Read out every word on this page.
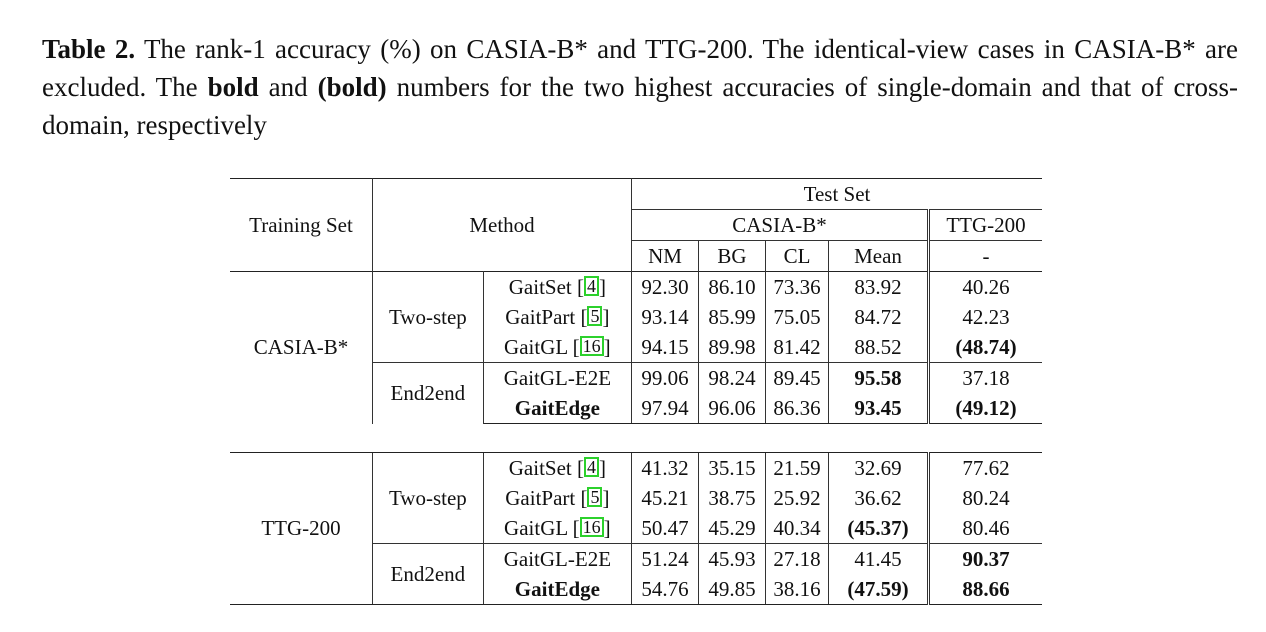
Table 2. The rank-1 accuracy (%) on CASIA-B* and TTG-200. The identical-view cases in CASIA-B* are excluded. The bold and (bold) numbers for the two highest accuracies of single-domain and that of cross-domain, respectively
Training Set	Method		Test Set				
			CASIA-B*				TTG-200
			NM	BG	CL	Mean	-
CASIA-B*	Two-step	GaitSet [ 4 ]	92.30	86.10	73.36	83.92	40.26
		GaitPart [ 5 ]	93.14	85.99	75.05	84.72	42.23
		GaitGL [ 16 ]	94.15	89.98	81.42	88.52	(48.74)
	End2end	GaitGL-E2E	99.06	98.24	89.45	95.58	37.18
		GaitEdge	97.94	96.06	86.36	93.45	(49.12)

TTG-200	Two-step	GaitSet [ 4 ]	41.32	35.15	21.59	32.69	77.62
		GaitPart [ 5 ]	45.21	38.75	25.92	36.62	80.24
		GaitGL [ 16 ]	50.47	45.29	40.34	(45.37)	80.46
	End2end	GaitGL-E2E	51.24	45.93	27.18	41.45	90.37
		GaitEdge	54.76	49.85	38.16	(47.59)	88.66
